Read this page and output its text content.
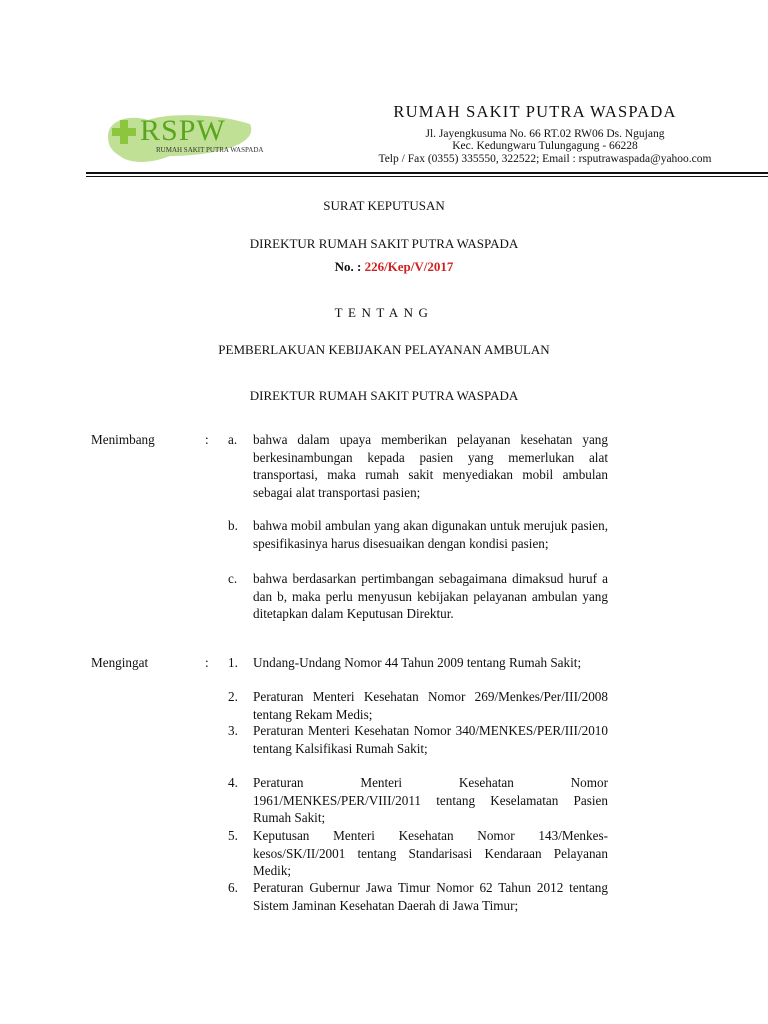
RSPW
RUMAH SAKIT PUTRA WASPADA
RUMAH SAKIT PUTRA WASPADA
Jl. Jayengkusuma No. 66 RT.02 RW06 Ds. Ngujang
Kec. Kedungwaru Tulungagung - 66228
Telp / Fax (0355) 335550, 322522; Email : rsputrawaspada@yahoo.com
SURAT KEPUTUSAN
DIREKTUR RUMAH SAKIT PUTRA WASPADA
No. : 226/Kep/V/2017
TENTANG
PEMBERLAKUAN KEBIJAKAN PELAYANAN AMBULAN
DIREKTUR RUMAH SAKIT PUTRA WASPADA
Menimbang	: a. bahwa dalam upaya memberikan pelayanan kesehatan yang berkesinambungan kepada pasien yang memerlukan alat transportasi, maka rumah sakit menyediakan mobil ambulan sebagai alat transportasi pasien;
b. bahwa mobil ambulan yang akan digunakan untuk merujuk pasien, spesifikasinya harus disesuaikan dengan kondisi pasien;
c. bahwa berdasarkan pertimbangan sebagaimana dimaksud huruf a dan b, maka perlu menyusun kebijakan pelayanan ambulan yang ditetapkan dalam Keputusan Direktur.
Mengingat	: 1. Undang-Undang Nomor 44 Tahun 2009 tentang Rumah Sakit;
2. Peraturan Menteri Kesehatan Nomor 269/Menkes/Per/III/2008 tentang Rekam Medis;
3. Peraturan Menteri Kesehatan Nomor 340/MENKES/PER/III/2010 tentang Kalsifikasi Rumah Sakit;
4. Peraturan Menteri Kesehatan Nomor 1961/MENKES/PER/VIII/2011 tentang Keselamatan Pasien Rumah Sakit;
5. Keputusan Menteri Kesehatan Nomor 143/Menkes-kesos/SK/II/2001 tentang Standarisasi Kendaraan Pelayanan Medik;
6. Peraturan Gubernur Jawa Timur Nomor 62 Tahun 2012 tentang Sistem Jaminan Kesehatan Daerah di Jawa Timur;
